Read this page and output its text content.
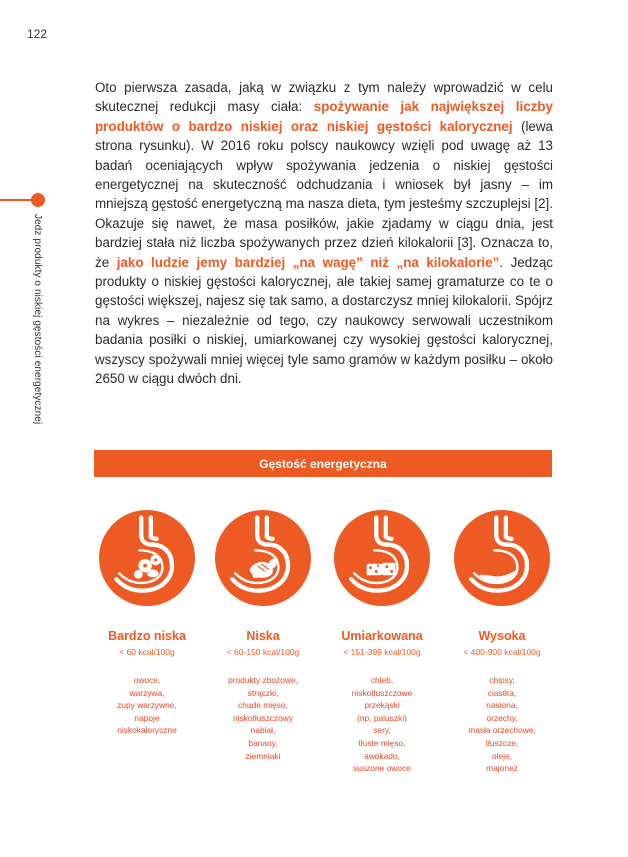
122
Jedz produkty o niskiej gęstości energetycznej
Oto pierwsza zasada, jaką w związku z tym należy wprowadzić w celu skutecznej redukcji masy ciała: spożywanie jak największej liczby produktów o bardzo niskiej oraz niskiej gęstości kalorycznej (lewa strona rysunku). W 2016 roku polscy naukowcy wzięli pod uwagę aż 13 badań oceniających wpływ spożywania jedzenia o niskiej gęstości energetycznej na skuteczność odchudzania i wniosek był jasny – im mniejszą gęstość energetyczną ma nasza dieta, tym jesteśmy szczuplejsi [2]. Okazuje się nawet, że masa posiłków, jakie zjadamy w ciągu dnia, jest bardziej stała niż liczba spożywanych przez dzień kilokalorii [3]. Oznacza to, że jako ludzie jemy bardziej „na wagę” niż „na kilokalorie”. Jedząc produkty o niskiej gęstości kalorycznej, ale takiej samej gramaturze co te o gęstości większej, najesz się tak samo, a dostarczysz mniej kilokalorii. Spójrz na wykres – niezależnie od tego, czy naukowcy serwowali uczestnikom badania posiłki o niskiej, umiarkowanej czy wysokiej gęstości kalorycznej, wszyscy spożywali mniej więcej tyle samo gramów w każdym posiłku – około 2650 w ciągu dwóch dni.
Gęstość energetyczna
Bardzo niska
< 60 kcal/100g
owoce,
warzywa,
zupy warzywne,
napoje
niskokaloryczne
Niska
< 60-150 kcal/100g
produkty zbożowe,
strączki,
chude mięso,
niskotłuszczowy
nabiał,
banany,
ziemniaki
Umiarkowana
< 151-399 kcal/100g
chleb,
niskotłuszczowe
przekąski
(np. paluszki)
sery,
tłuste mięso,
awokado,
suszone owoce
Wysoka
< 400-900 kcal/100g
chipsy,
ciastka,
nasiona,
orzechy,
masła orzechowe,
tłuszcze,
oleje,
majonez
